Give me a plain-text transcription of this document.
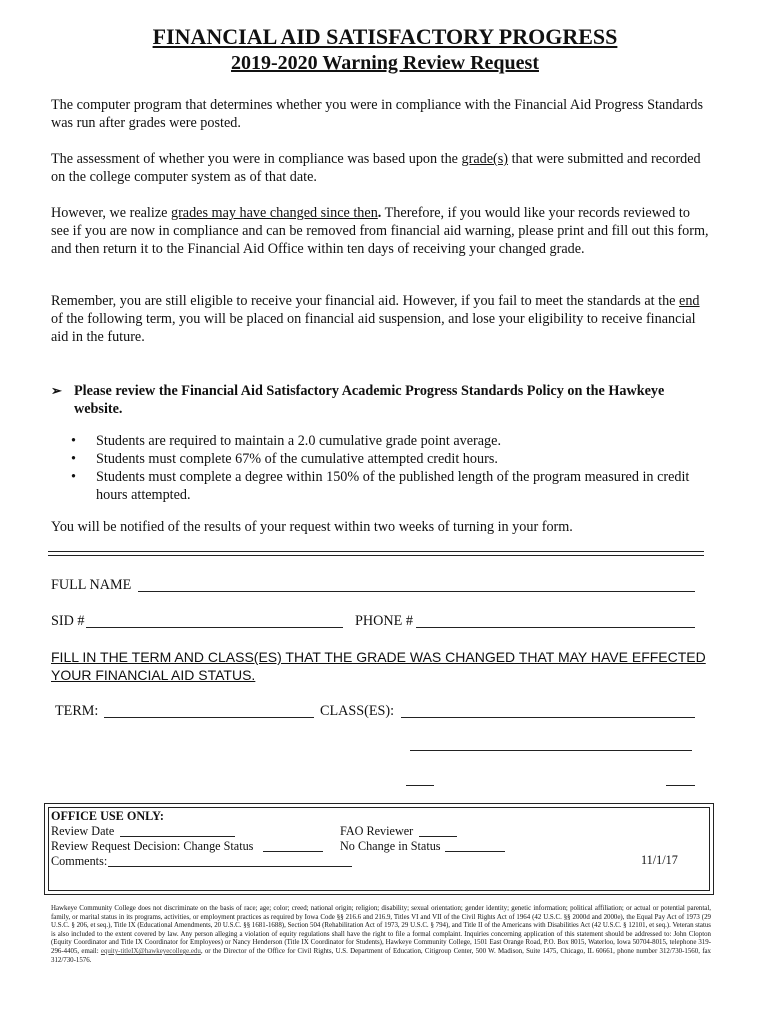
FINANCIAL AID SATISFACTORY PROGRESS
2019-2020 Warning Review Request
The computer program that determines whether you were in compliance with the Financial Aid Progress Standards was run after grades were posted.
The assessment of whether you were in compliance was based upon the grade(s) that were submitted and recorded on the college computer system as of that date.
However, we realize grades may have changed since then. Therefore, if you would like your records reviewed to see if you are now in compliance and can be removed from financial aid warning, please print and fill out this form, and then return it to the Financial Aid Office within ten days of receiving your changed grade.
Remember, you are still eligible to receive your financial aid. However, if you fail to meet the standards at the end of the following term, you will be placed on financial aid suspension, and lose your eligibility to receive financial aid in the future.
➢ Please review the Financial Aid Satisfactory Academic Progress Standards Policy on the Hawkeye website.
• Students are required to maintain a 2.0 cumulative grade point average.
• Students must complete 67% of the cumulative attempted credit hours.
• Students must complete a degree within 150% of the published length of the program measured in credit hours attempted.
You will be notified of the results of your request within two weeks of turning in your form.
FULL NAME
SID #	PHONE #
FILL IN THE TERM AND CLASS(ES) THAT THE GRADE WAS CHANGED THAT MAY HAVE EFFECTED YOUR FINANCIAL AID STATUS.
TERM:	CLASS(ES):
OFFICE USE ONLY:
Review Date
Review Request Decision: Change Status
Comments:
FAO Reviewer
No Change in Status
11/1/17
Hawkeye Community College does not discriminate on the basis of race; age; color; creed; national origin; religion; disability; sexual orientation; gender identity; genetic information; political affiliation; or actual or potential parental, family, or marital status in its programs, activities, or employment practices as required by Iowa Code §§ 216.6 and 216.9, Titles VI and VII of the Civil Rights Act of 1964 (42 U.S.C. §§ 2000d and 2000e), the Equal Pay Act of 1973 (29 U.S.C. § 206, et seq.), Title IX (Educational Amendments, 20 U.S.C. §§ 1681-1688), Section 504 (Rehabilitation Act of 1973, 29 U.S.C. § 794), and Title II of the Americans with Disabilities Act (42 U.S.C. § 12101, et seq.). Veteran status is also included to the extent covered by law. Any person alleging a violation of equity regulations shall have the right to file a formal complaint. Inquiries concerning application of this statement should be addressed to: John Clopton (Equity Coordinator and Title IX Coordinator for Employees) or Nancy Henderson (Title IX Coordinator for Students), Hawkeye Community College, 1501 East Orange Road, P.O. Box 8015, Waterloo, Iowa 50704-8015, telephone 319-296-4405, email: equity-titleIX@hawkeyecollege.edu, or the Director of the Office for Civil Rights, U.S. Department of Education, Citigroup Center, 500 W. Madison, Suite 1475, Chicago, IL 60661, phone number 312/730-1560, fax 312/730-1576.
